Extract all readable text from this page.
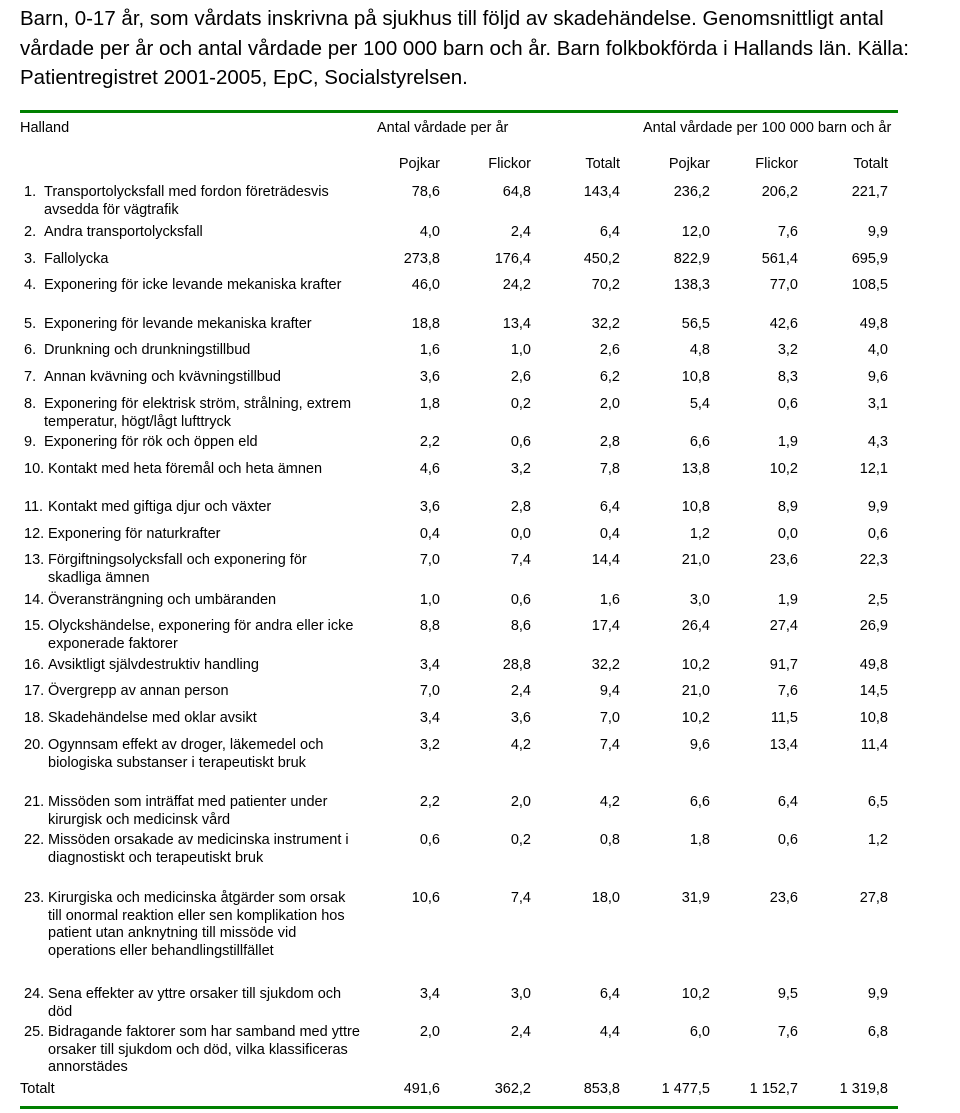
Barn, 0-17 år, som vårdats inskrivna på sjukhus till följd av skadehändelse. Genomsnittligt antal vårdade per år och antal vårdade per 100 000 barn och år. Barn folkbokförda i Hallands län. Källa: Patientregistret 2001-2005, EpC, Socialstyrelsen.
Halland	Antal vårdade per år	Antal vårdade per 100 000 barn och år
Pojkar	Flickor	Totalt	Pojkar	Flickor	Totalt
1. Transportolycksfall med fordon företrädesvis avsedda för vägtrafik
78,6	64,8	143,4	236,2	206,2	221,7
2. Andra transportolycksfall	4,0	2,4	6,4	12,0	7,6	9,9
3. Fallolycka	273,8	176,4	450,2	822,9	561,4	695,9
4. Exponering för icke levande mekaniska krafter	46,0	24,2	70,2	138,3	77,0	108,5
5. Exponering för levande mekaniska krafter	18,8	13,4	32,2	56,5	42,6	49,8
6. Drunkning och drunkningstillbud	1,6	1,0	2,6	4,8	3,2	4,0
7. Annan kvävning och kvävningstillbud	3,6	2,6	6,2	10,8	8,3	9,6
8. Exponering för elektrisk ström, strålning, extrem temperatur, högt/lågt lufttryck
1,8	0,2	2,0	5,4	0,6	3,1
9. Exponering för rök och öppen eld	2,2	0,6	2,8	6,6	1,9	4,3
10. Kontakt med heta föremål och heta ämnen	4,6	3,2	7,8	13,8	10,2	12,1
11. Kontakt med giftiga djur och växter	3,6	2,8	6,4	10,8	8,9	9,9
12. Exponering för naturkrafter	0,4	0,0	0,4	1,2	0,0	0,6
13. Förgiftningsolycksfall och exponering för skadliga ämnen
7,0	7,4	14,4	21,0	23,6	22,3
14. Överansträngning och umbäranden	1,0	0,6	1,6	3,0	1,9	2,5
15. Olyckshändelse, exponering för andra eller icke exponerade faktorer
8,8	8,6	17,4	26,4	27,4	26,9
16. Avsiktligt självdestruktiv handling	3,4	28,8	32,2	10,2	91,7	49,8
17. Övergrepp av annan person	7,0	2,4	9,4	21,0	7,6	14,5
18. Skadehändelse med oklar avsikt	3,4	3,6	7,0	10,2	11,5	10,8
20. Ogynnsam effekt av droger, läkemedel och biologiska substanser i terapeutiskt bruk
3,2	4,2	7,4	9,6	13,4	11,4
21. Missöden som inträffat med patienter under kirurgisk och medicinsk vård
2,2	2,0	4,2	6,6	6,4	6,5
22. Missöden orsakade av medicinska instrument i diagnostiskt och terapeutiskt bruk
0,6	0,2	0,8	1,8	0,6	1,2
23. Kirurgiska och medicinska åtgärder som orsak till onormal reaktion eller sen komplikation hos patient utan anknytning till missöde vid operations eller behandlingstillfället
10,6	7,4	18,0	31,9	23,6	27,8
24. Sena effekter av yttre orsaker till sjukdom och död
3,4	3,0	6,4	10,2	9,5	9,9
25. Bidragande faktorer som har samband med yttre orsaker till sjukdom och död, vilka klassificeras annorstädes
2,0	2,4	4,4	6,0	7,6	6,8
Totalt	491,6	362,2	853,8	1 477,5	1 152,7	1 319,8
